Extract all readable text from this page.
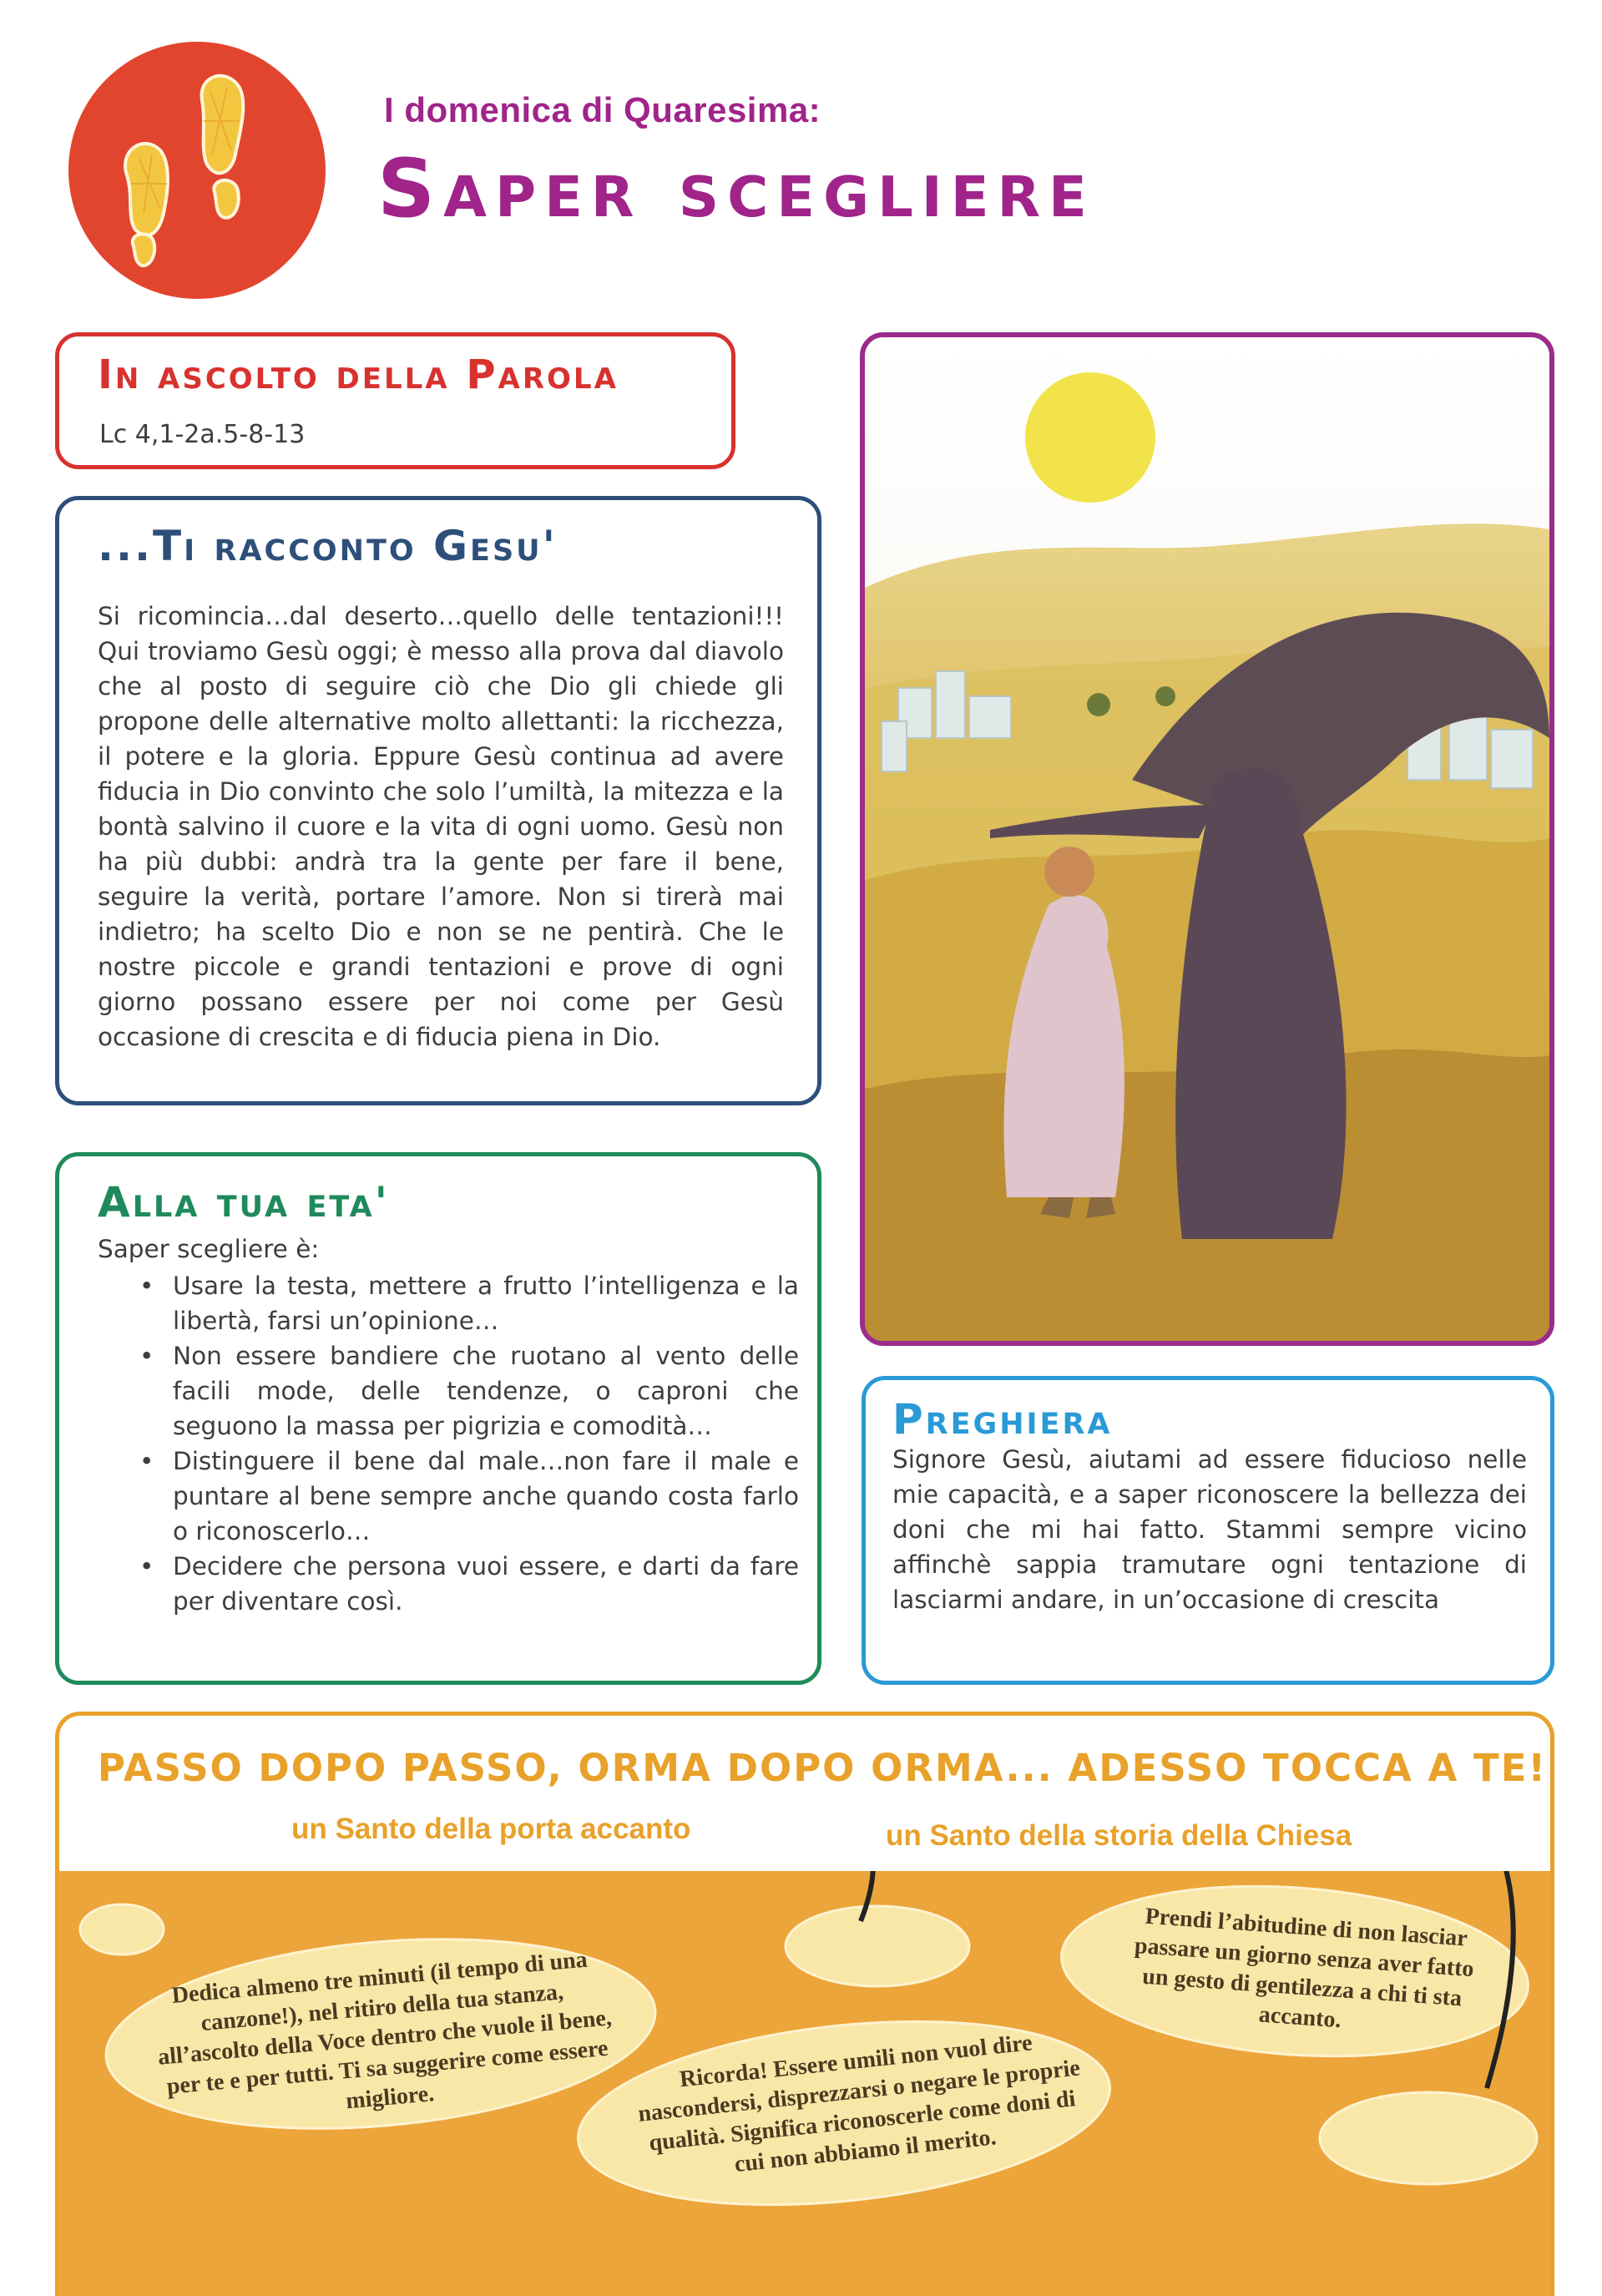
I domenica di Quaresima:
Saper scegliere
In ascolto della Parola
Lc 4,1-2a.5-8-13
...Ti racconto Gesu'
Si ricomincia…dal deserto…quello delle tentazioni!!! Qui troviamo Gesù oggi; è messo alla prova dal diavolo che al posto di seguire ciò che Dio gli chiede gli propone delle alternative molto allettanti: la ricchezza, il potere e la gloria. Eppure Gesù continua ad avere fiducia in Dio convinto che solo l’umiltà, la mitezza e la bontà salvino il cuore e la vita di ogni uomo. Gesù non ha più dubbi: andrà tra la gente per fare il bene, seguire la verità, portare l’amore. Non si tirerà mai indietro; ha scelto Dio e non se ne pentirà. Che le nostre piccole e grandi tentazioni e prove di ogni giorno possano essere per noi come per Gesù occasione di crescita e di fiducia piena in Dio.
Alla tua eta'
Saper scegliere è:
• Usare la testa, mettere a frutto l’intelligenza e la libertà, farsi un’opinione…
• Non essere bandiere che ruotano al vento delle facili mode, delle tendenze, o caproni che seguono la massa per pigrizia e comodità…
• Distinguere il bene dal male…non fare il male e puntare al bene sempre anche quando costa farlo o riconoscerlo…
• Decidere che persona vuoi essere, e darti da fare per diventare così.
Preghiera
Signore Gesù, aiutami ad essere fiducioso nelle mie capacità, e a saper riconoscere la bellezza dei doni che mi hai fatto. Stammi sempre vicino affinchè sappia tramutare ogni tentazione di lasciarmi andare, in un’occasione di crescita
PASSO DOPO PASSO, ORMA DOPO ORMA... ADESSO TOCCA A TE!
un Santo della porta accanto	un Santo della storia della Chiesa
Dedica almeno tre minuti (il tempo di una canzone!), nel ritiro della tua stanza, all’ascolto della Voce dentro che vuole il bene, per te e per tutti. Ti sa suggerire come essere migliore.
Ricorda! Essere umili non vuol dire nascondersi, disprezzarsi o negare le proprie qualità. Significa riconoscerle come doni di cui non abbiamo il merito.
Prendi l’abitudine di non lasciar passare un giorno senza aver fatto un gesto di gentilezza a chi ti sta accanto.
